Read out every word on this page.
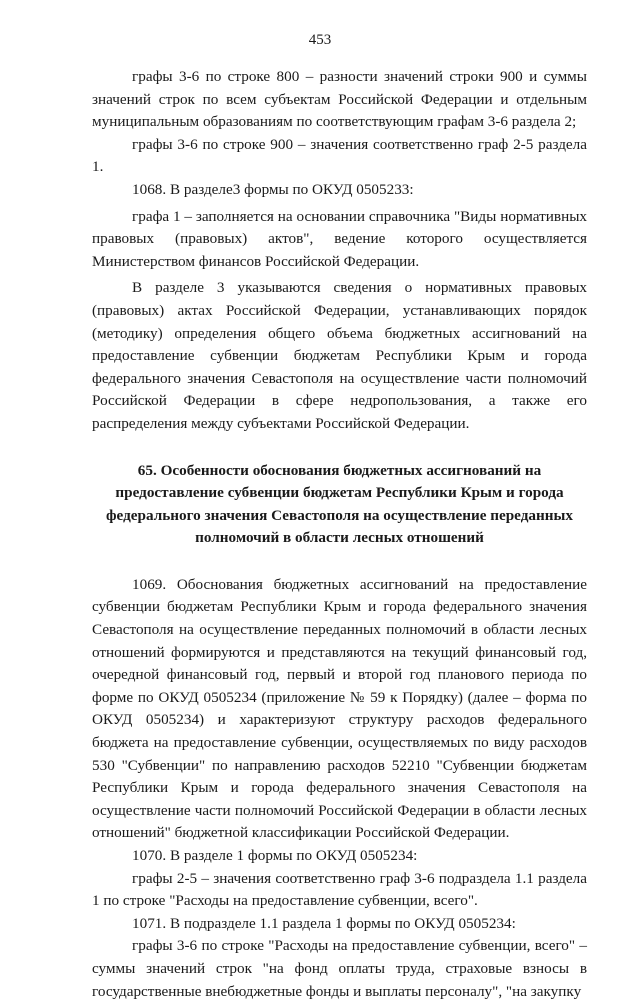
453

графы 3-6 по строке 800 – разности значений строки 900 и суммы значений строк по всем субъектам Российской Федерации и отдельным муниципальным образованиям по соответствующим графам 3-6 раздела 2;

графы 3-6 по строке 900 – значения соответственно граф 2-5 раздела 1.

1068. В разделе3 формы по ОКУД 0505233:

графа 1 – заполняется на основании справочника "Виды нормативных правовых (правовых) актов", ведение которого осуществляется Министерством финансов Российской Федерации.

В разделе 3 указываются сведения о нормативных правовых (правовых) актах Российской Федерации, устанавливающих порядок (методику) определения общего объема бюджетных ассигнований на предоставление субвенции бюджетам Республики Крым и города федерального значения Севастополя на осуществление части полномочий Российской Федерации в сфере недропользования, а также его распределения между субъектами Российской Федерации.

65. Особенности обоснования бюджетных ассигнований на предоставление субвенции бюджетам Республики Крым и города федерального значения Севастополя на осуществление переданных полномочий в области лесных отношений

1069. Обоснования бюджетных ассигнований на предоставление субвенции бюджетам Республики Крым и города федерального значения Севастополя на осуществление переданных полномочий в области лесных отношений формируются и представляются на текущий финансовый год, очередной финансовый год, первый и второй год планового периода по форме по ОКУД 0505234 (приложение № 59 к Порядку) (далее – форма по ОКУД 0505234) и характеризуют структуру расходов федерального бюджета на предоставление субвенции, осуществляемых по виду расходов 530 "Субвенции" по направлению расходов 52210 "Субвенции бюджетам Республики Крым и города федерального значения Севастополя на осуществление части полномочий Российской Федерации в области лесных отношений" бюджетной классификации Российской Федерации.

1070. В разделе 1 формы по ОКУД 0505234:

графы 2-5 – значения соответственно граф 3-6 подраздела 1.1 раздела 1 по строке "Расходы на предоставление субвенции, всего".

1071. В подразделе 1.1 раздела 1 формы по ОКУД 0505234:

графы 3-6 по строке "Расходы на предоставление субвенции, всего" – суммы значений строк "на фонд оплаты труда, страховые взносы в государственные внебюджетные фонды и выплаты персоналу", "на закупку
